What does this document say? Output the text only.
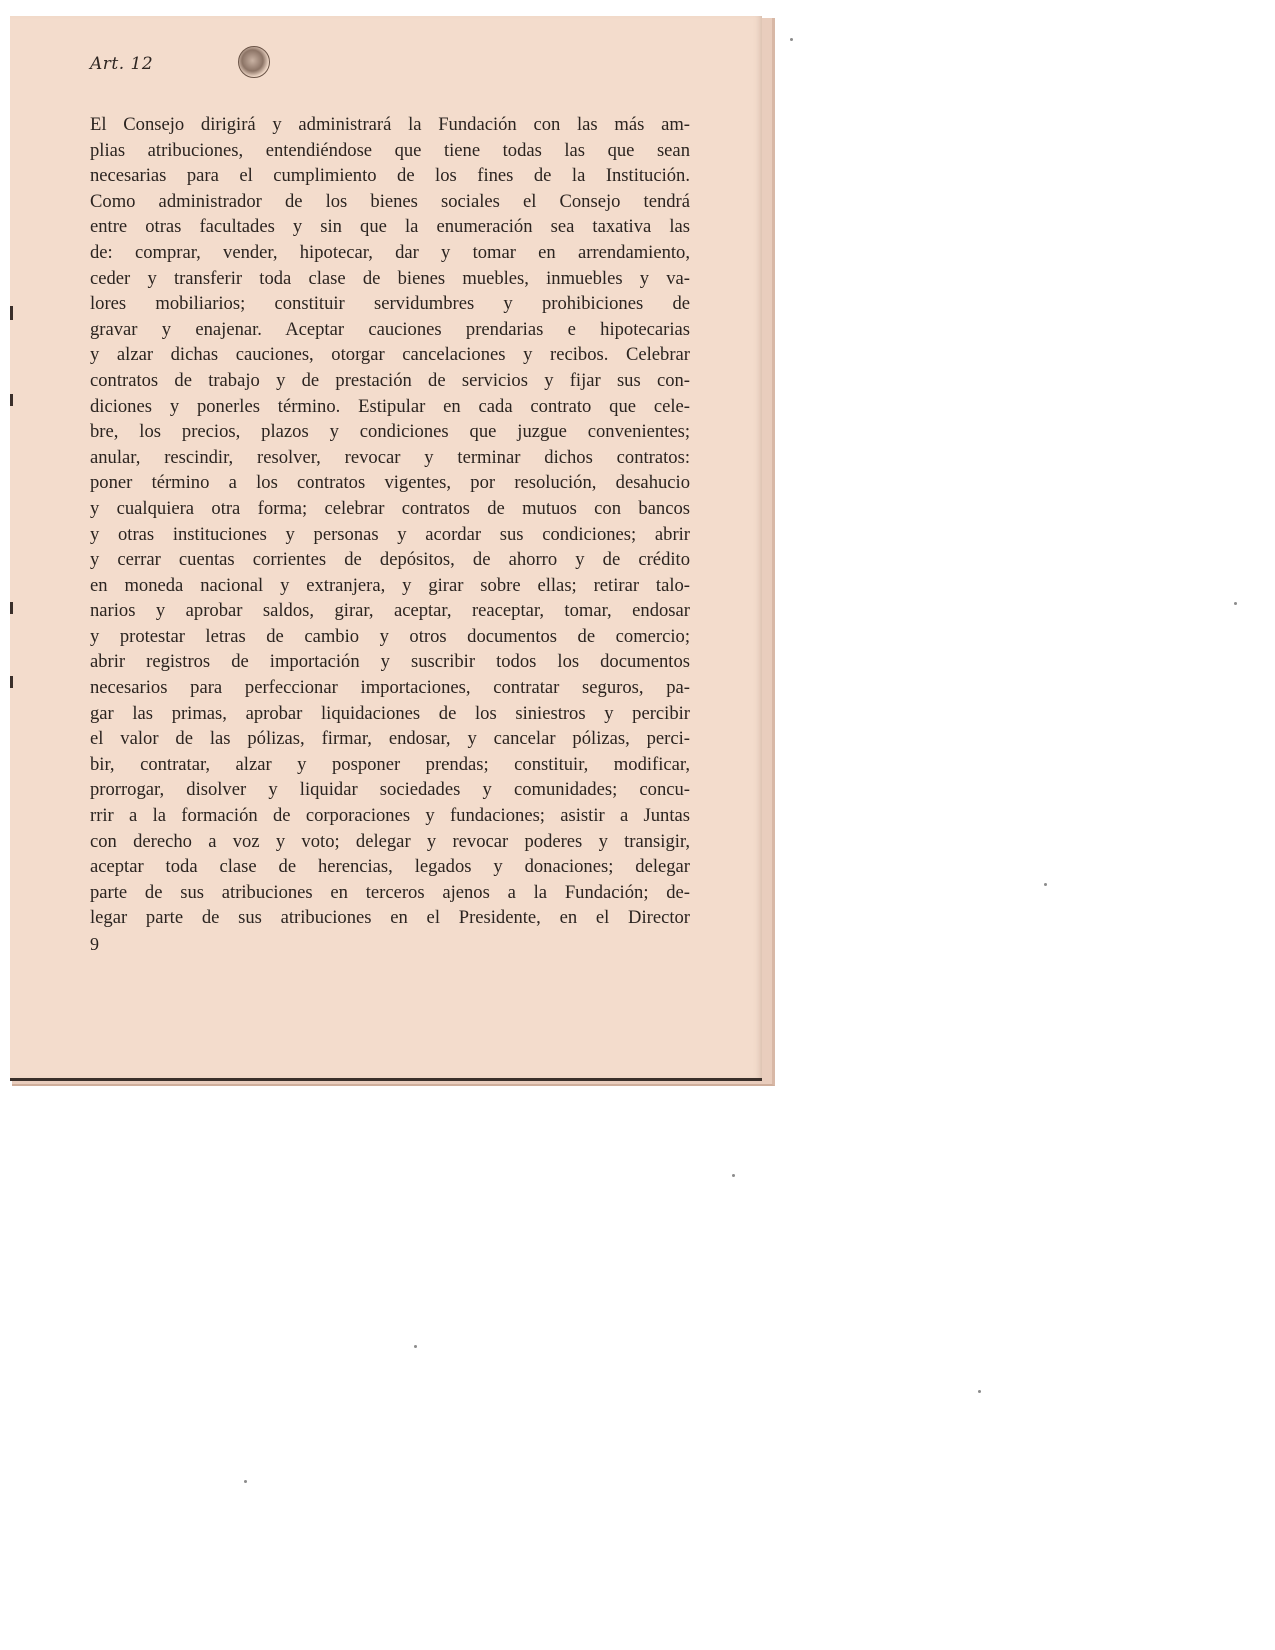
Art. 12
El Consejo dirigirá y administrará la Fundación con las más am-
plias atribuciones, entendiéndose que tiene todas las que sean
necesarias para el cumplimiento de los fines de la Institución.
Como administrador de los bienes sociales el Consejo tendrá
entre otras facultades y sin que la enumeración sea taxativa las
de: comprar, vender, hipotecar, dar y tomar en arrendamiento,
ceder y transferir toda clase de bienes muebles, inmuebles y va-
lores mobiliarios; constituir servidumbres y prohibiciones de
gravar y enajenar. Aceptar cauciones prendarias e hipotecarias
y alzar dichas cauciones, otorgar cancelaciones y recibos. Celebrar
contratos de trabajo y de prestación de servicios y fijar sus con-
diciones y ponerles término. Estipular en cada contrato que cele-
bre, los precios, plazos y condiciones que juzgue convenientes;
anular, rescindir, resolver, revocar y terminar dichos contratos:
poner término a los contratos vigentes, por resolución, desahucio
y cualquiera otra forma; celebrar contratos de mutuos con bancos
y otras instituciones y personas y acordar sus condiciones; abrir
y cerrar cuentas corrientes de depósitos, de ahorro y de crédito
en moneda nacional y extranjera, y girar sobre ellas; retirar talo-
narios y aprobar saldos, girar, aceptar, reaceptar, tomar, endosar
y protestar letras de cambio y otros documentos de comercio;
abrir registros de importación y suscribir todos los documentos
necesarios para perfeccionar importaciones, contratar seguros, pa-
gar las primas, aprobar liquidaciones de los siniestros y percibir
el valor de las pólizas, firmar, endosar, y cancelar pólizas, perci-
bir, contratar, alzar y posponer prendas; constituir, modificar,
prorrogar, disolver y liquidar sociedades y comunidades; concu-
rrir a la formación de corporaciones y fundaciones; asistir a Juntas
con derecho a voz y voto; delegar y revocar poderes y transigir,
aceptar toda clase de herencias, legados y donaciones; delegar
parte de sus atribuciones en terceros ajenos a la Fundación; de-
legar parte de sus atribuciones en el Presidente, en el Director
9
